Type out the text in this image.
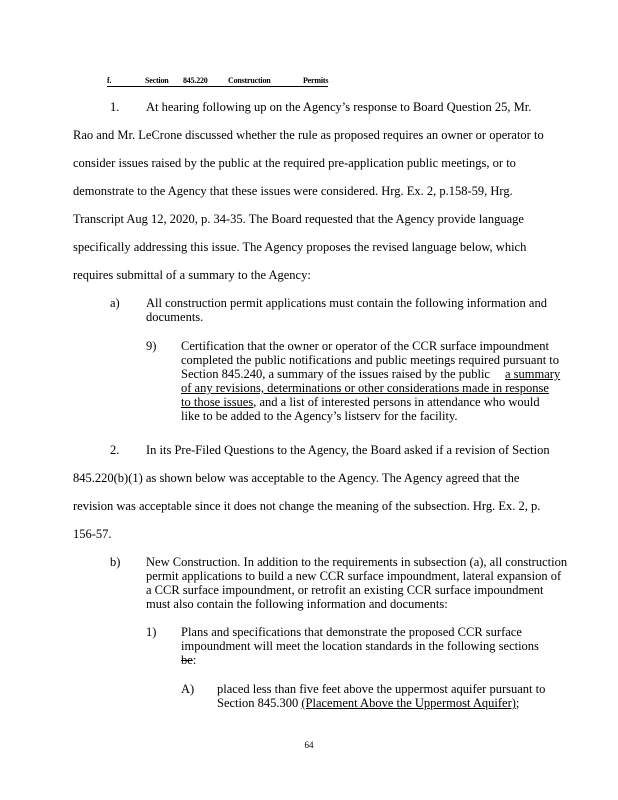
f.	Section 845.220	Construction	Permits
1. At hearing following up on the Agency’s response to Board Question 25, Mr.
Rao and Mr. LeCrone discussed whether the rule as proposed requires an owner or operator to
consider issues raised by the public at the required pre-application public meetings, or to
demonstrate to the Agency that these issues were considered. Hrg. Ex. 2, p.158-59, Hrg.
Transcript Aug 12, 2020, p. 34-35. The Board requested that the Agency provide language
specifically addressing this issue. The Agency proposes the revised language below, which
requires submittal of a summary to the Agency:
a) All construction permit applications must contain the following information and
documents.
9) Certification that the owner or operator of the CCR surface impoundment
completed the public notifications and public meetings required pursuant to
Section 845.240, a summary of the issues raised by the public a summary
of any revisions, determinations or other considerations made in response
to those issues, and a list of interested persons in attendance who would
like to be added to the Agency’s listserv for the facility.
2. In its Pre-Filed Questions to the Agency, the Board asked if a revision of Section
845.220(b)(1) as shown below was acceptable to the Agency. The Agency agreed that the
revision was acceptable since it does not change the meaning of the subsection. Hrg. Ex. 2, p.
156-57.
b) New Construction. In addition to the requirements in subsection (a), all construction
permit applications to build a new CCR surface impoundment, lateral expansion of
a CCR surface impoundment, or retrofit an existing CCR surface impoundment
must also contain the following information and documents:
1) Plans and specifications that demonstrate the proposed CCR surface
impoundment will meet the location standards in the following sections
be:
A) placed less than five feet above the uppermost aquifer pursuant to
Section 845.300 (Placement Above the Uppermost Aquifer);
64
